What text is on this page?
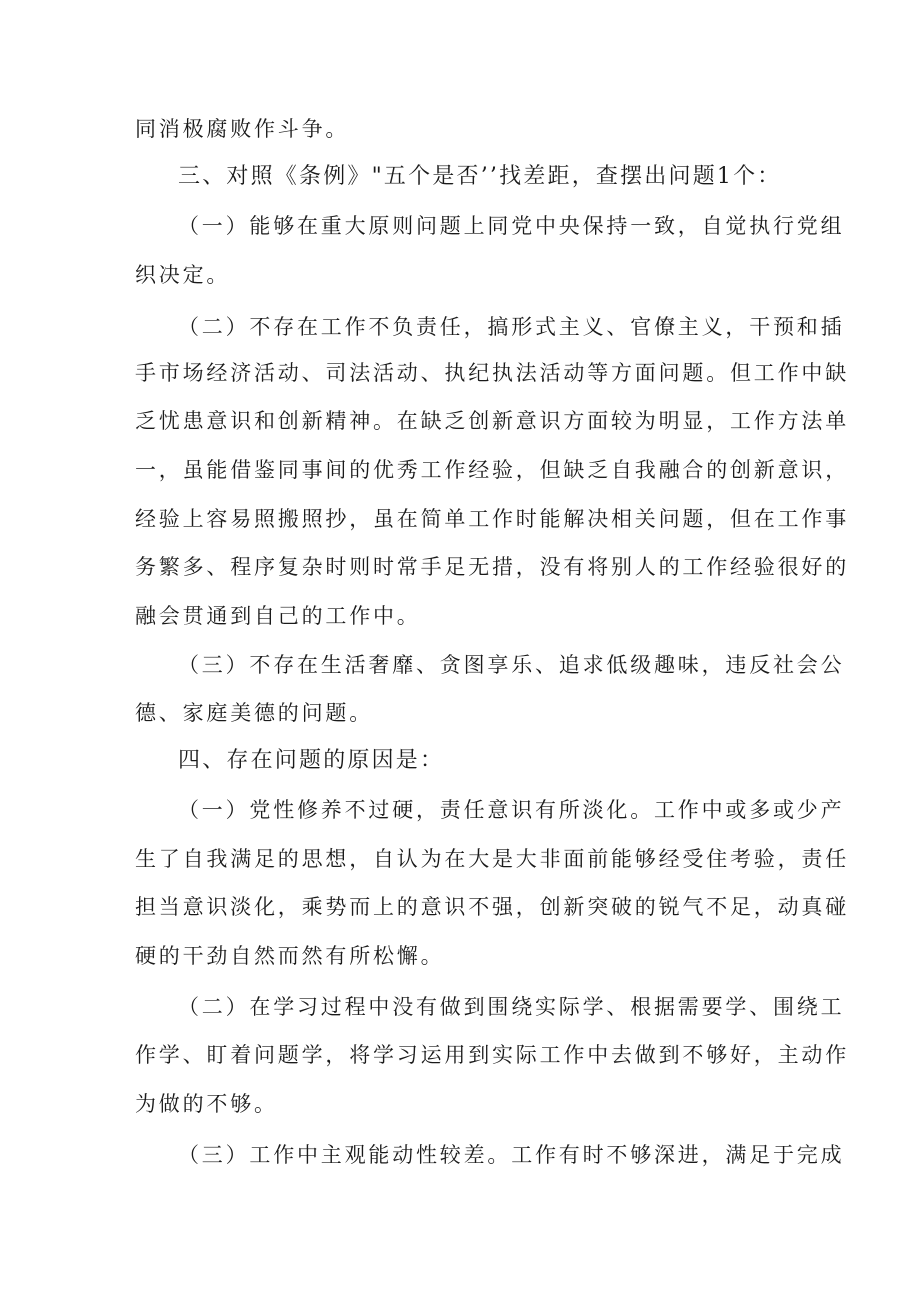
同消极腐败作斗争。
三、对照《条例》"五个是否’’找差距，查摆出问题1个：
（一）能够在重大原则问题上同党中央保持一致，自觉执行党组
织决定。
（二）不存在工作不负责任，搞形式主义、官僚主义，干预和插
手市场经济活动、司法活动、执纪执法活动等方面问题。但工作中缺
乏忧患意识和创新精神。在缺乏创新意识方面较为明显，工作方法单
一，虽能借鉴同事间的优秀工作经验，但缺乏自我融合的创新意识，
经验上容易照搬照抄，虽在简单工作时能解决相关问题，但在工作事
务繁多、程序复杂时则时常手足无措，没有将别人的工作经验很好的
融会贯通到自己的工作中。
（三）不存在生活奢靡、贪图享乐、追求低级趣味，违反社会公
德、家庭美德的问题。
四、存在问题的原因是：
（一）党性修养不过硬，责任意识有所淡化。工作中或多或少产
生了自我满足的思想，自认为在大是大非面前能够经受住考验，责任
担当意识淡化，乘势而上的意识不强，创新突破的锐气不足，动真碰
硬的干劲自然而然有所松懈。
（二）在学习过程中没有做到围绕实际学、根据需要学、围绕工
作学、盯着问题学，将学习运用到实际工作中去做到不够好，主动作
为做的不够。
（三）工作中主观能动性较差。工作有时不够深进，满足于完成
